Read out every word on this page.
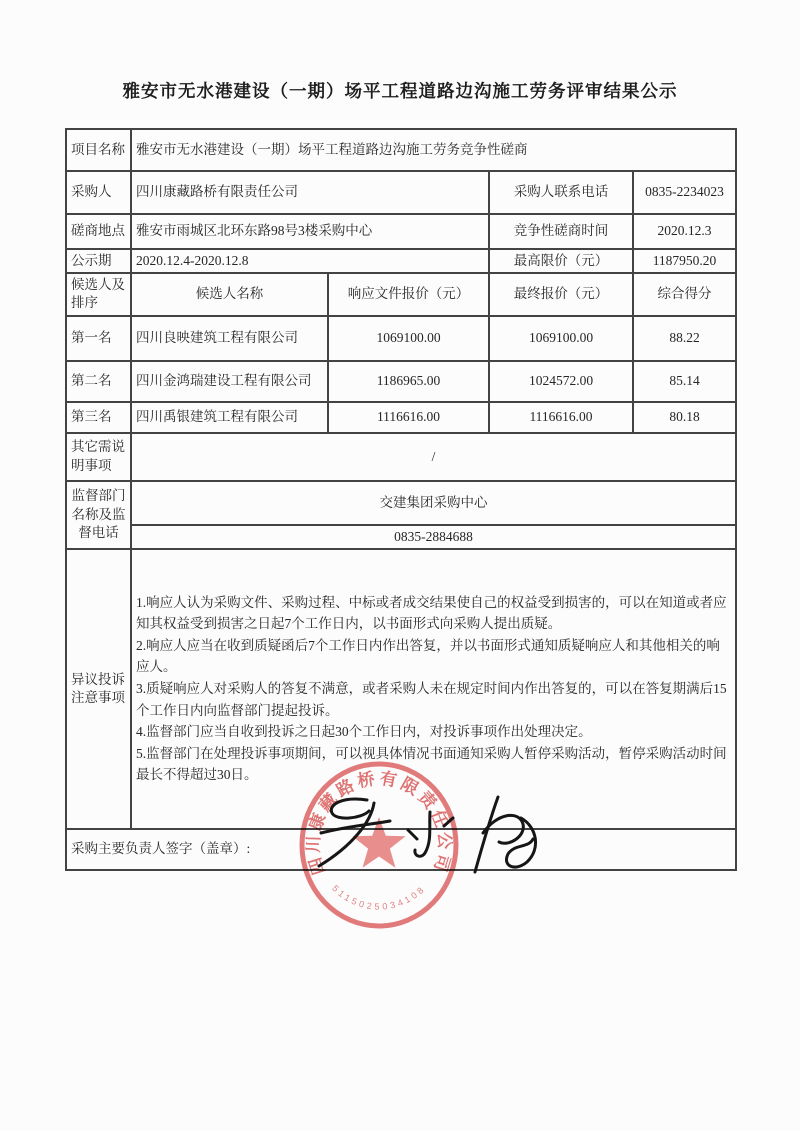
雅安市无水港建设（一期）场平工程道路边沟施工劳务评审结果公示
项目名称	雅安市无水港建设（一期）场平工程道路边沟施工劳务竞争性磋商			
采购人	四川康藏路桥有限责任公司		采购人联系电话	0835-2234023
磋商地点	雅安市雨城区北环东路98号3楼采购中心		竞争性磋商时间	2020.12.3
公示期	2020.12.4-2020.12.8		最高限价（元）	1187950.20
候选人及排序	候选人名称	响应文件报价（元）	最终报价（元）	综合得分
第一名	四川良映建筑工程有限公司	1069100.00	1069100.00	88.22
第二名	四川金鸿瑞建设工程有限公司	1186965.00	1024572.00	85.14
第三名	四川禹银建筑工程有限公司	1116616.00	1116616.00	80.18
其它需说明事项	/			
监督部门名称及监督电话	交建集团采购中心			
	0835-2884688			
异议投诉注意事项	1.响应人认为采购文件、采购过程、中标或者成交结果使自己的权益受到损害的，可以在知道或者应知其权益受到损害之日起7个工作日内，以书面形式向采购人提出质疑。
2.响应人应当在收到质疑函后7个工作日内作出答复，并以书面形式通知质疑响应人和其他相关的响应人。
3.质疑响应人对采购人的答复不满意，或者采购人未在规定时间内作出答复的，可以在答复期满后15个工作日内向监督部门提起投诉。
4.监督部门应当自收到投诉之日起30个工作日内，对投诉事项作出处理决定。
5.监督部门在处理投诉事项期间，可以视具体情况书面通知采购人暂停采购活动，暂停采购活动时间最长不得超过30日。			

采购主要负责人签字（盖章）:				
四川康藏路桥有限责任公司
5115025034108
